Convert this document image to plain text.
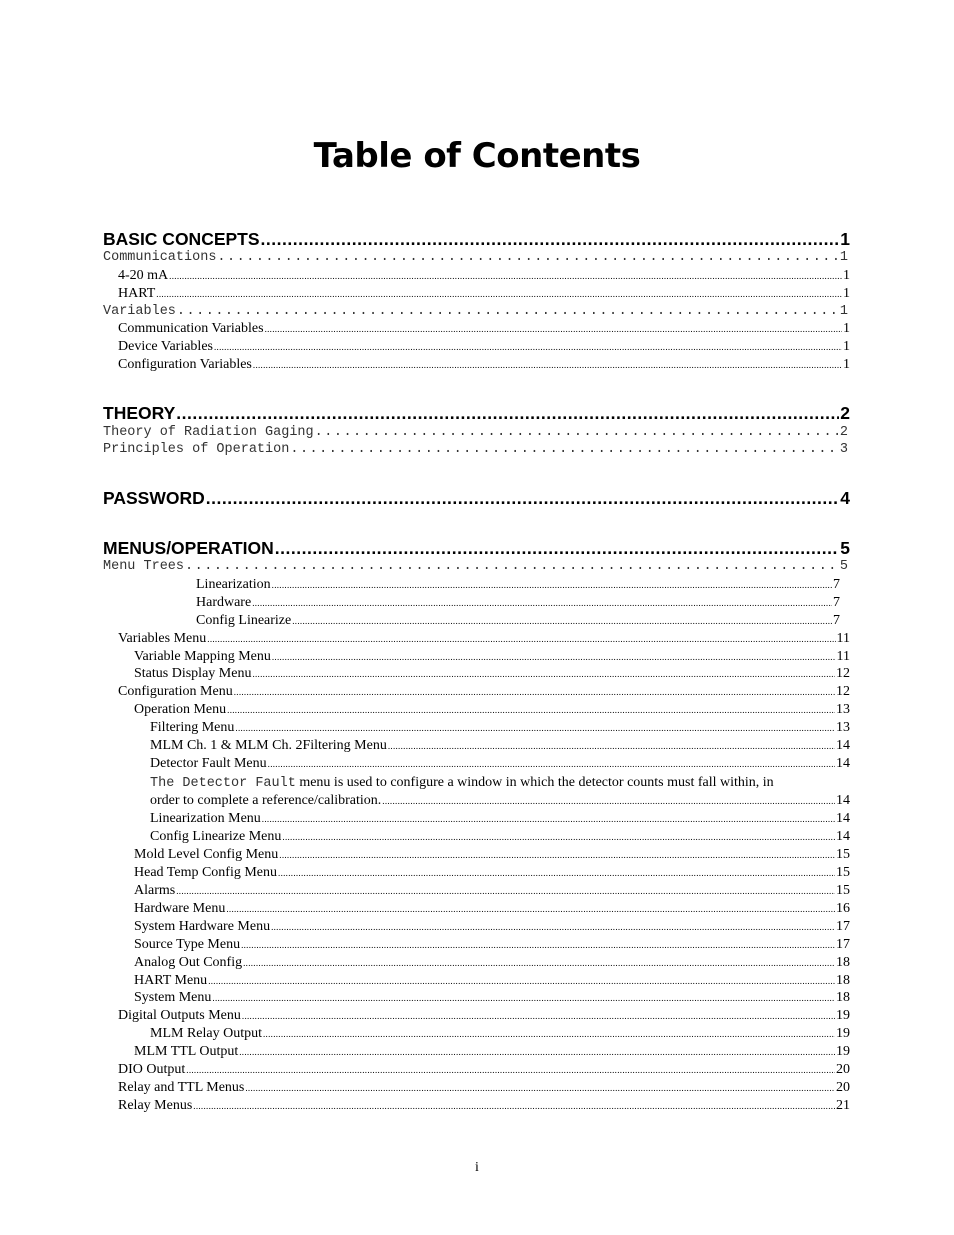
Table of Contents
BASIC CONCEPTS .....	1
Communications .....	1
4-20 mA .....	1
HART .....	1
Variables .....	1
Communication Variables .....	1
Device Variables .....	1
Configuration Variables .....	1
THEORY .....	2
Theory of Radiation Gaging .....	2
Principles of Operation .....	3
PASSWORD .....	4
MENUS/OPERATION .....	5
Menu Trees .....	5
Linearization .....	7
Hardware .....	7
Config Linearize .....	7
Variables Menu .....	11
Variable Mapping Menu .....	11
Status Display Menu .....	12
Configuration Menu .....	12
Operation Menu .....	13
Filtering Menu .....	13
MLM Ch. 1 & MLM Ch. 2Filtering Menu .....	14
Detector Fault Menu .....	14
The Detector Fault menu is used to configure a window in which the detector counts must fall within, in
order to complete a reference/calibration. .....	14
Linearization Menu .....	14
Config Linearize Menu .....	14
Mold Level Config Menu .....	15
Head Temp Config Menu .....	15
Alarms .....	15
Hardware Menu .....	16
System Hardware Menu .....	17
Source Type Menu .....	17
Analog Out Config .....	18
HART Menu .....	18
System Menu .....	18
Digital Outputs Menu .....	19
MLM Relay Output .....	19
MLM TTL Output .....	19
DIO Output .....	20
Relay and TTL Menus .....	20
Relay Menus .....	21
i
